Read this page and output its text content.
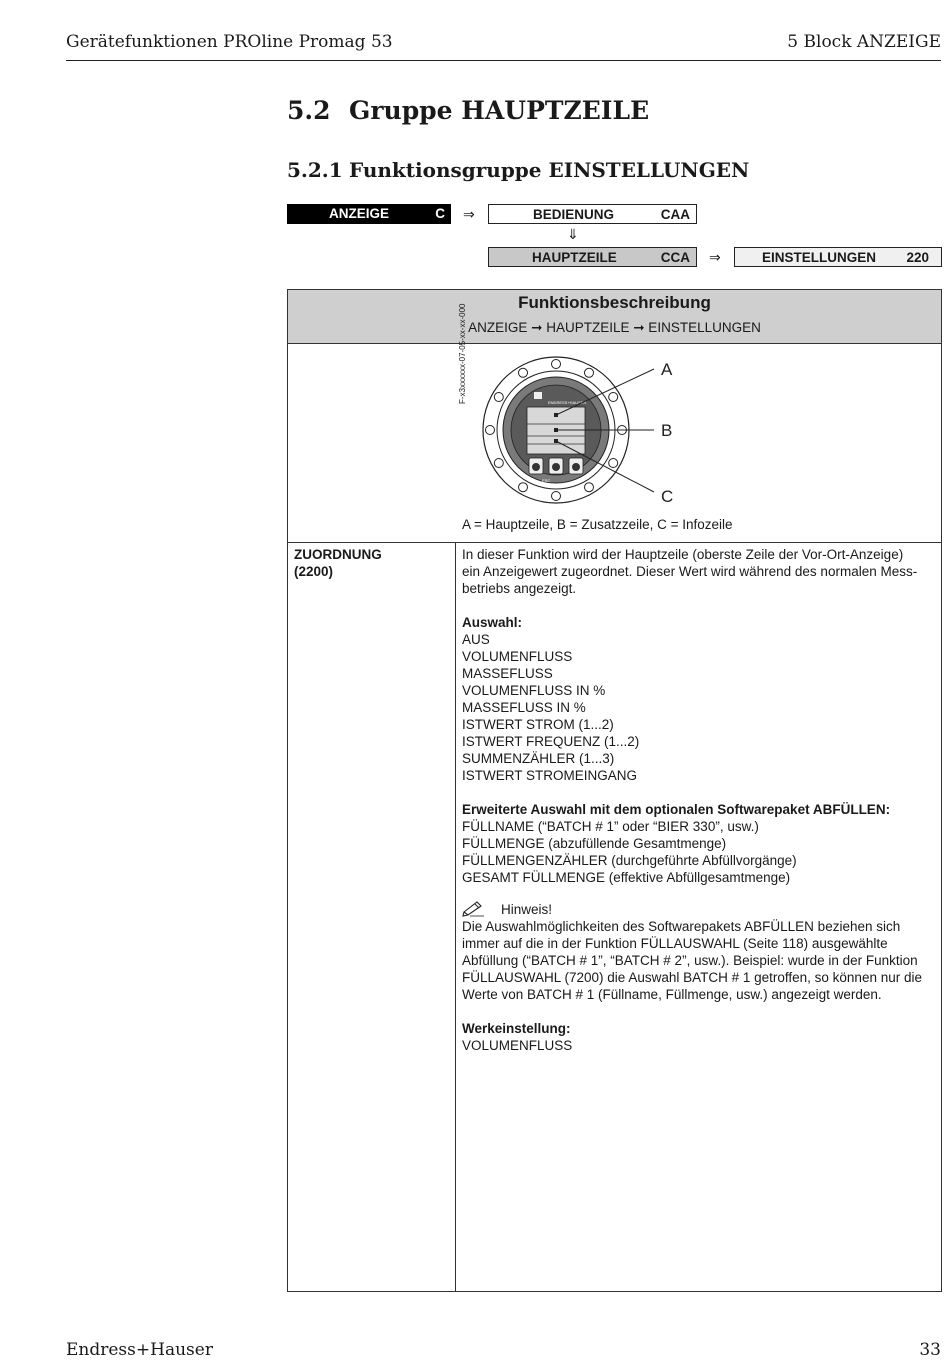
Gerätefunktionen PROline Promag 53	5 Block ANZEIGE
5.2 Gruppe HAUPTZEILE
5.2.1 Funktionsgruppe EINSTELLUNGEN
ANZEIGE	C ⇒	BEDIENUNG	CAA
⇓
HAUPTZEILE	CCA ⇒	EINSTELLUNGEN 220
Funktionsbeschreibung
ANZEIGE ➞ HAUPTZEILE ➞ EINSTELLUNGEN
F-x3xxxxxx-07-05-xx-xx-000	ENDRESS+HAUSER
ESC
A
B
C
A = Hauptzeile, B = Zusatzzeile, C = Infozeile
ZUORDNUNG
(2200)
In dieser Funktion wird der Hauptzeile (oberste Zeile der Vor-Ort-Anzeige)
ein Anzeigewert zugeordnet. Dieser Wert wird während des normalen Mess-
betriebs angezeigt.
Auswahl:
AUS
VOLUMENFLUSS
MASSEFLUSS
VOLUMENFLUSS IN %
MASSEFLUSS IN %
ISTWERT STROM (1...2)
ISTWERT FREQUENZ (1...2)
SUMMENZÄHLER (1...3)
ISTWERT STROMEINGANG
Erweiterte Auswahl mit dem optionalen Softwarepaket ABFÜLLEN:
FÜLLNAME (“BATCH # 1” oder “BIER 330”, usw.)
FÜLLMENGE (abzufüllende Gesamtmenge)
FÜLLMENGENZÄHLER (durchgeführte Abfüllvorgänge)
GESAMT FÜLLMENGE (effektive Abfüllgesamtmenge)
Hinweis!
Die Auswahlmöglichkeiten des Softwarepakets ABFÜLLEN beziehen sich
immer auf die in der Funktion FÜLLAUSWAHL (Seite 118) ausgewählte
Abfüllung (“BATCH # 1”, “BATCH # 2”, usw.). Beispiel: wurde in der Funktion
FÜLLAUSWAHL (7200) die Auswahl BATCH # 1 getroffen, so können nur die
Werte von BATCH # 1 (Füllname, Füllmenge, usw.) angezeigt werden.
Werkeinstellung:
VOLUMENFLUSS
Endress+Hauser	33
